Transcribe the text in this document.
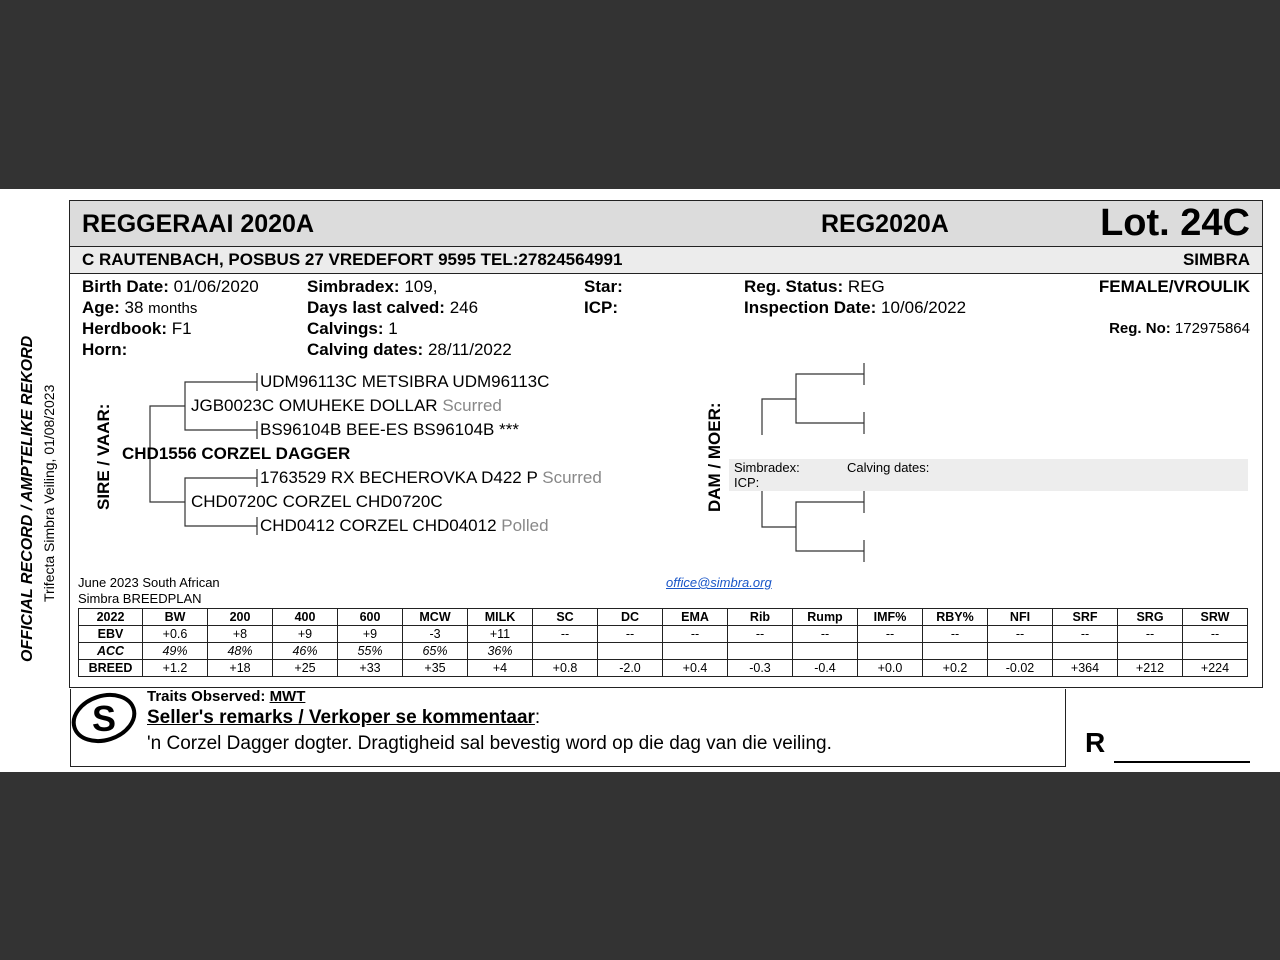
OFFICIAL RECORD / AMPTELIKE REKORD Trifecta Simbra Veiling, 01/08/2023
REGGERAAI 2020A	REG2020A	Lot. 24C
C RAUTENBACH, POSBUS 27 VREDEFORT 9595 TEL:27824564991	SIMBRA
Birth Date: 01/06/2020
Age: 38 months
Herdbook: F1
Horn:
Simbradex: 109,
Days last calved: 246
Calvings: 1
Calving dates: 28/11/2022
Star:
ICP:
Reg. Status: REG
Inspection Date: 10/06/2022
FEMALE/VROULIK
Reg. No: 172975864
SIRE / VAAR:	DAM / MOER:
UDM96113C METSIBRA UDM96113C
JGB0023C OMUHEKE DOLLAR Scurred
BS96104B BEE-ES BS96104B ***
CHD1556 CORZEL DAGGER
1763529 RX BECHEROVKA D422 P Scurred
CHD0720C CORZEL CHD0720C
CHD0412 CORZEL CHD04012 Polled
Simbradex:	Calving dates:
ICP:
June 2023 South African
Simbra BREEDPLAN
office@simbra.org
2022	BW	200	400	600	MCW	MILK	SC	DC	EMA	Rib	Rump	IMF%	RBY%	NFI	SRF	SRG	SRW
EBV	+0.6	+8	+9	+9	-3	+11	--	--	--	--	--	--	--	--	--	--	--
ACC	49%	48%	46%	55%	65%	36%											
BREED	+1.2	+18	+25	+33	+35	+4	+0.8	-2.0	+0.4	-0.3	-0.4	+0.0	+0.2	-0.02	+364	+212	+224
S
Traits Observed: MWT
Seller's remarks / Verkoper se kommentaar:
'n Corzel Dagger dogter. Dragtigheid sal bevestig word op die dag van die veiling.	R
